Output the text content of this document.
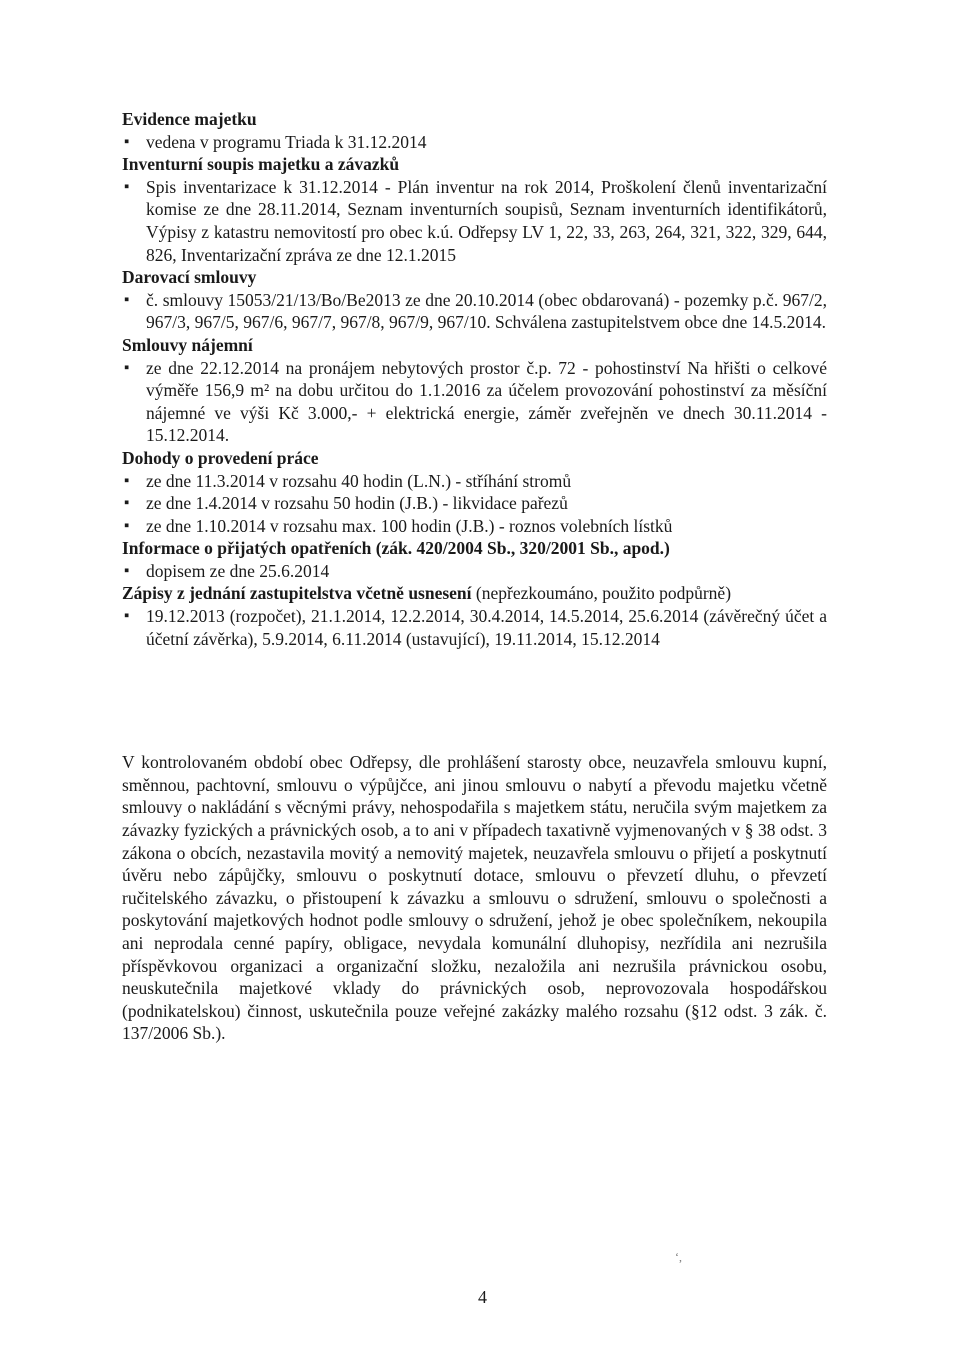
Evidence majetku

▪ vedena v programu Triada k 31.12.2014

Inventurní soupis majetku a závazků

▪ Spis inventarizace k 31.12.2014 - Plán inventur na rok 2014, Proškolení členů inventarizační komise ze dne 28.11.2014, Seznam inventurních soupisů, Seznam inventurních identifikátorů, Výpisy z katastru nemovitostí pro obec k.ú. Odřepsy LV 1, 22, 33, 263, 264, 321, 322, 329, 644, 826, Inventarizační zpráva ze dne 12.1.2015

Darovací smlouvy

▪ č. smlouvy 15053/21/13/Bo/Be2013 ze dne 20.10.2014 (obec obdarovaná) - pozemky p.č. 967/2, 967/3, 967/5, 967/6, 967/7, 967/8, 967/9, 967/10. Schválena zastupitelstvem obce dne 14.5.2014.

Smlouvy nájemní

▪ ze dne 22.12.2014 na pronájem nebytových prostor č.p. 72 - pohostinství Na hřišti o celkové výměře 156,9 m² na dobu určitou do 1.1.2016 za účelem provozování pohostinství za měsíční nájemné ve výši Kč 3.000,- + elektrická energie, záměr zveřejněn ve dnech 30.11.2014 - 15.12.2014.

Dohody o provedení práce

▪ ze dne 11.3.2014 v rozsahu 40 hodin (L.N.) - stříhání stromů
▪ ze dne 1.4.2014 v rozsahu 50 hodin (J.B.) - likvidace pařezů
▪ ze dne 1.10.2014 v rozsahu max. 100 hodin (J.B.) - roznos volebních lístků

Informace o přijatých opatřeních (zák. 420/2004 Sb., 320/2001 Sb., apod.)

▪ dopisem ze dne 25.6.2014

Zápisy z jednání zastupitelstva včetně usnesení (nepřezkoumáno, použito podpůrně)

▪ 19.12.2013 (rozpočet), 21.1.2014, 12.2.2014, 30.4.2014, 14.5.2014, 25.6.2014 (závěrečný účet a účetní závěrka), 5.9.2014, 6.11.2014 (ustavující), 19.11.2014, 15.12.2014

V kontrolovaném období obec Odřepsy, dle prohlášení starosty obce, neuzavřela smlouvu kupní, směnnou, pachtovní, smlouvu o výpůjčce, ani jinou smlouvu o nabytí a převodu majetku včetně smlouvy o nakládání s věcnými právy, nehospodařila s majetkem státu, neručila svým majetkem za závazky fyzických a právnických osob, a to ani v případech taxativně vyjmenovaných v § 38 odst. 3 zákona o obcích, nezastavila movitý a nemovitý majetek, neuzavřela smlouvu o přijetí a poskytnutí úvěru nebo zápůjčky, smlouvu o poskytnutí dotace, smlouvu o převzetí dluhu, o převzetí ručitelského závazku, o přistoupení k závazku a smlouvu o sdružení, smlouvu o společnosti a poskytování majetkových hodnot podle smlouvy o sdružení, jehož je obec společníkem, nekoupila ani neprodala cenné papíry, obligace, nevydala komunální dluhopisy, nezřídila ani nezrušila příspěvkovou organizaci a organizační složku, nezaložila ani nezrušila právnickou osobu, neuskutečnila majetkové vklady do právnických osob, neprovozovala hospodářskou (podnikatelskou) činnost, uskutečnila pouze veřejné zakázky malého rozsahu (§12 odst. 3 zák. č. 137/2006 Sb.).

‘,
4
